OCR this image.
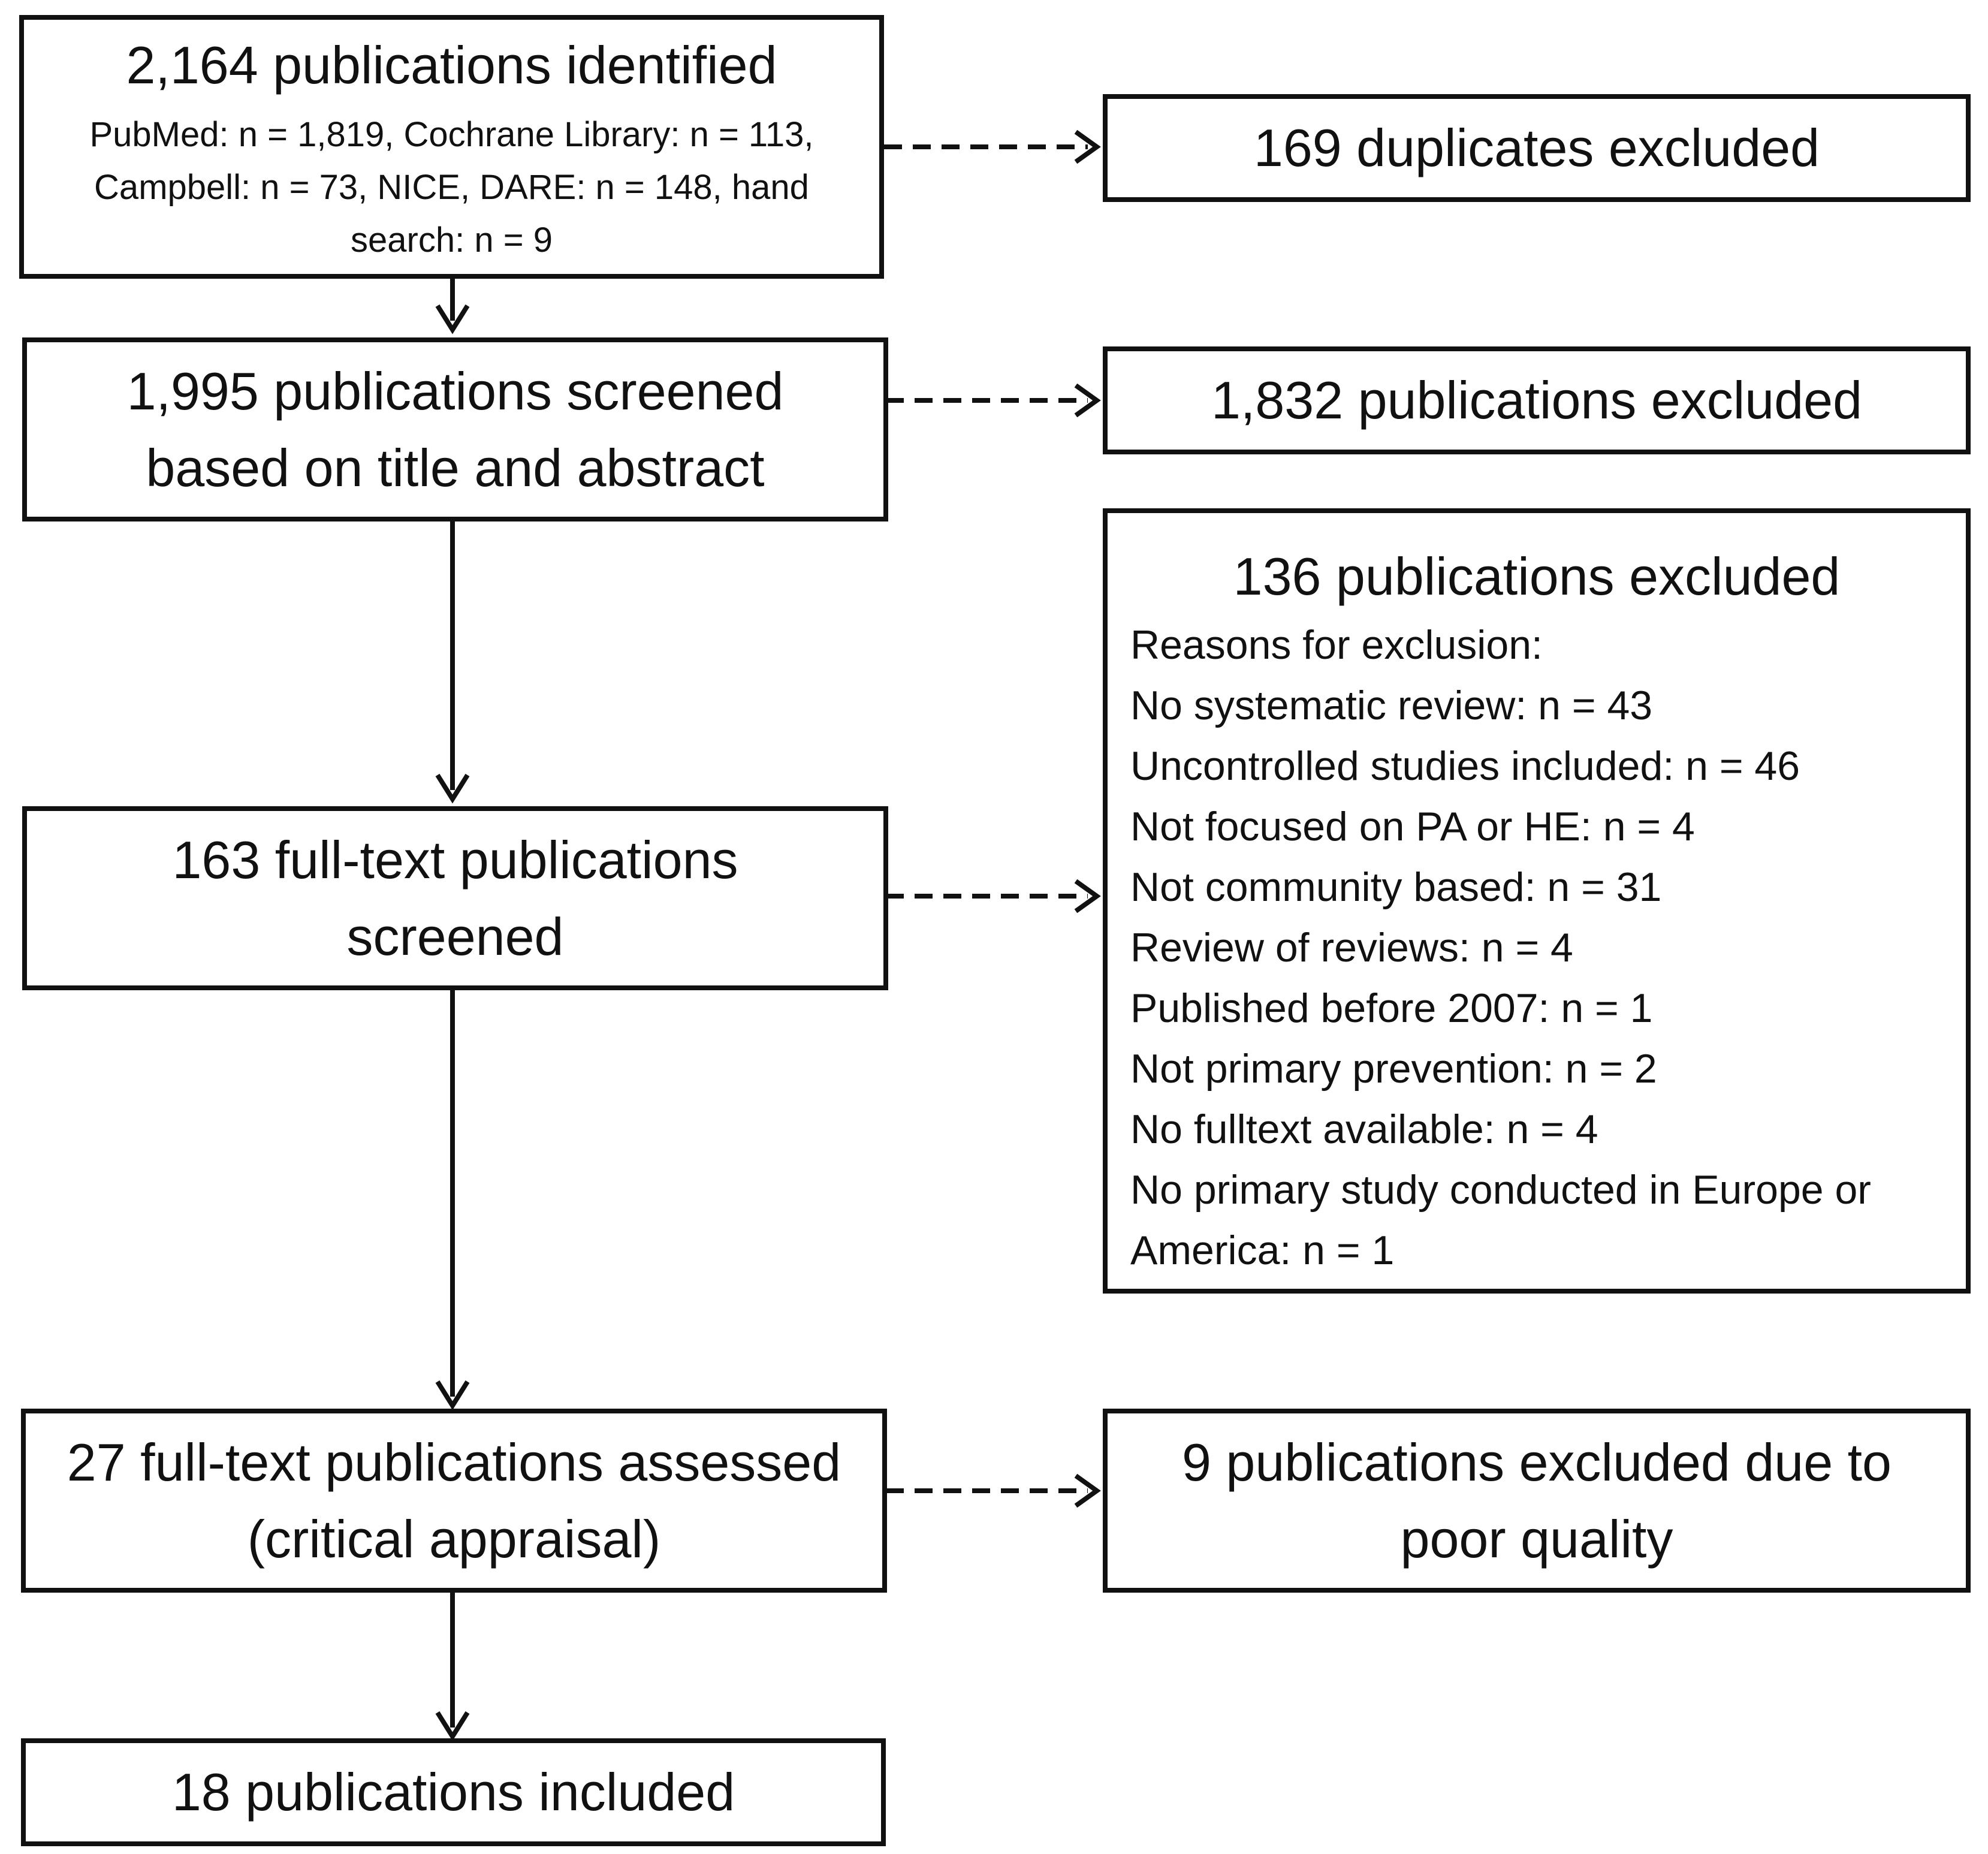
2,164 publications identified
PubMed: n = 1,819, Cochrane Library: n = 113, Campbell: n = 73, NICE, DARE: n = 148, hand search: n = 9
1,995 publications screened based on title and abstract
163 full-text publications screened
27 full-text publications assessed (critical appraisal)
18 publications included
169 duplicates excluded
1,832 publications excluded
136 publications excluded
Reasons for exclusion:
No systematic review: n = 43
Uncontrolled studies included: n = 46
Not focused on PA or HE: n = 4
Not community based: n = 31
Review of reviews: n = 4
Published before 2007: n = 1
Not primary prevention: n = 2
No fulltext available: n = 4
No primary study conducted in Europe or America: n = 1
9 publications excluded due to poor quality
